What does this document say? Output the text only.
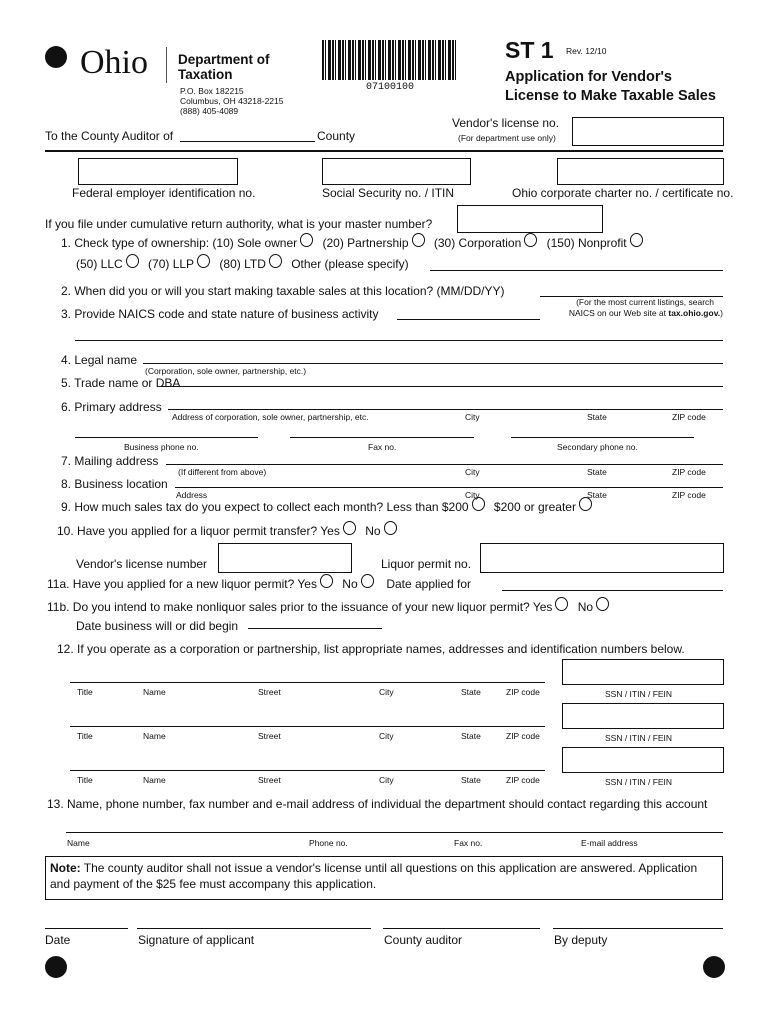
Ohio Department of
Taxation
P.O. Box 182215
Columbus, OH 43218-2215
(888) 405-4089
07100100
ST 1 Rev. 12/10
Application for Vendor's
License to Make Taxable Sales
To the County Auditor of	County
Vendor's license no.
(For department use only)
Federal employer identification no.	Social Security no. / ITIN	Ohio corporate charter no. / certificate no.
If you file under cumulative return authority, what is your master number?
1. Check type of ownership:
(10) Sole owner
(20) Partnership
(30) Corporation
(150) Nonprofit
(50) LLC
(70) LLP
(80) LTD
Other (please specify)
2. When did you or will you start making taxable sales at this location? (MM/DD/YY)
(For the most current listings, search
NAICS on our Web site at tax.ohio.gov.)
3. Provide NAICS code and state nature of business activity
4. Legal name
(Corporation, sole owner, partnership, etc.)
5. Trade name or DBA
6. Primary address
Address of corporation, sole owner, partnership, etc.	City	State	ZIP code
Business phone no.	Fax no.	Secondary phone no.
7. Mailing address
(If different from above)	City	State	ZIP code
8. Business location
Address	City	State	ZIP code
9. How much sales tax do you expect to collect each month? Less than $200
$200 or greater
10. Have you applied for a liquor permit transfer? Yes
No
Vendor's license number	Liquor permit no.
11a. Have you applied for a new liquor permit? Yes
No
Date applied for
11b. Do you intend to make nonliquor sales prior to the issuance of your new liquor permit? Yes
No
Date business will or did begin
12. If you operate as a corporation or partnership, list appropriate names, addresses and identification numbers below.
Title	Name	Street	City	State	ZIP code	SSN / ITIN / FEIN
Title	Name	Street	City	State	ZIP code	SSN / ITIN / FEIN
Title	Name	Street	City	State	ZIP code	SSN / ITIN / FEIN
13. Name, phone number, fax number and e-mail address of individual the department should contact regarding this account
Name	Phone no.	Fax no.	E-mail address
Note: The county auditor shall not issue a vendor's license until all questions on this application are answered. Application and payment of the $25 fee must accompany this application.
Date	Signature of applicant	County auditor	By deputy
